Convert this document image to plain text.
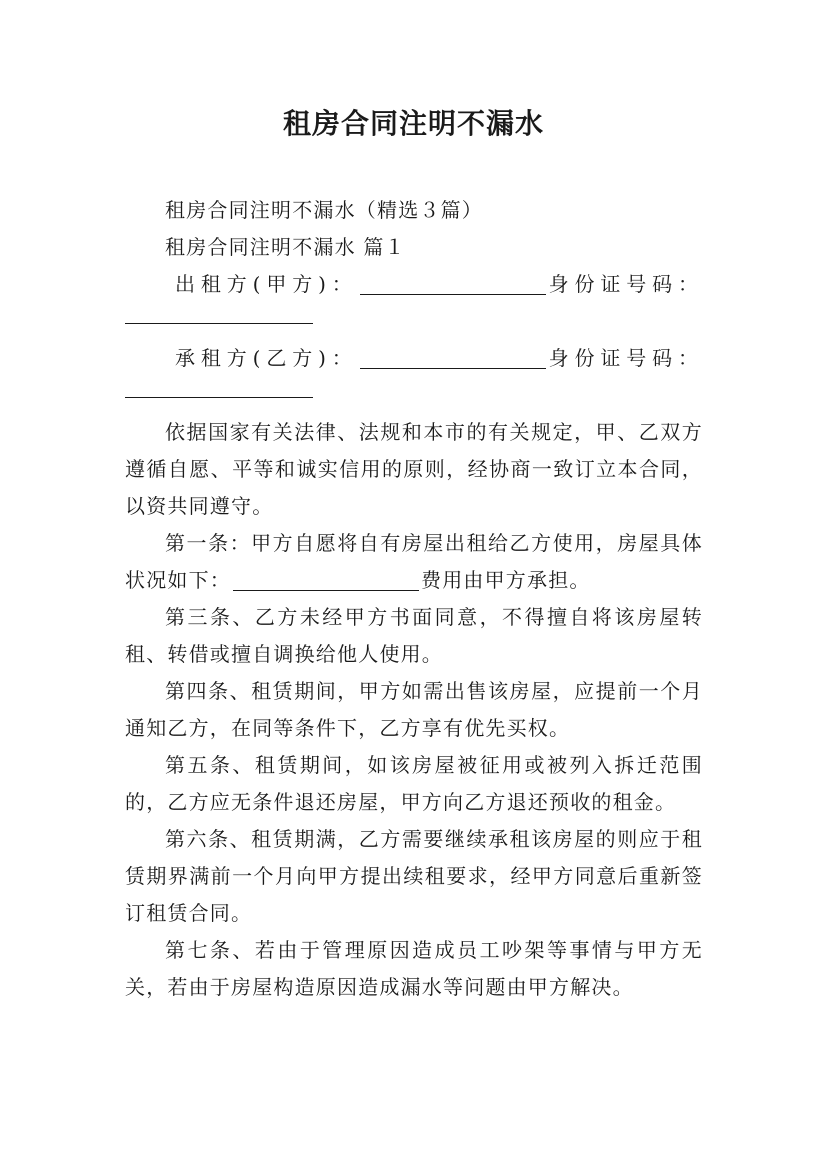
租房合同注明不漏水

租房合同注明不漏水（精选３篇）

租房合同注明不漏水 篇１

出租方(甲方)：	身份证号码：
承租方(乙方)：	身份证号码：

依据国家有关法律、法规和本市的有关规定，甲、乙双方遵循自愿、平等和诚实信用的原则，经协商一致订立本合同，以资共同遵守。

第一条：甲方自愿将自有房屋出租给乙方使用，房屋具体状况如下：	费用由甲方承担。

第三条、乙方未经甲方书面同意，不得擅自将该房屋转租、转借或擅自调换给他人使用。

第四条、租赁期间，甲方如需出售该房屋，应提前一个月通知乙方，在同等条件下，乙方享有优先买权。

第五条、租赁期间，如该房屋被征用或被列入拆迁范围的，乙方应无条件退还房屋，甲方向乙方退还预收的租金。

第六条、租赁期满，乙方需要继续承租该房屋的则应于租赁期界满前一个月向甲方提出续租要求，经甲方同意后重新签订租赁合同。

第七条、若由于管理原因造成员工吵架等事情与甲方无关，若由于房屋构造原因造成漏水等问题由甲方解决。
